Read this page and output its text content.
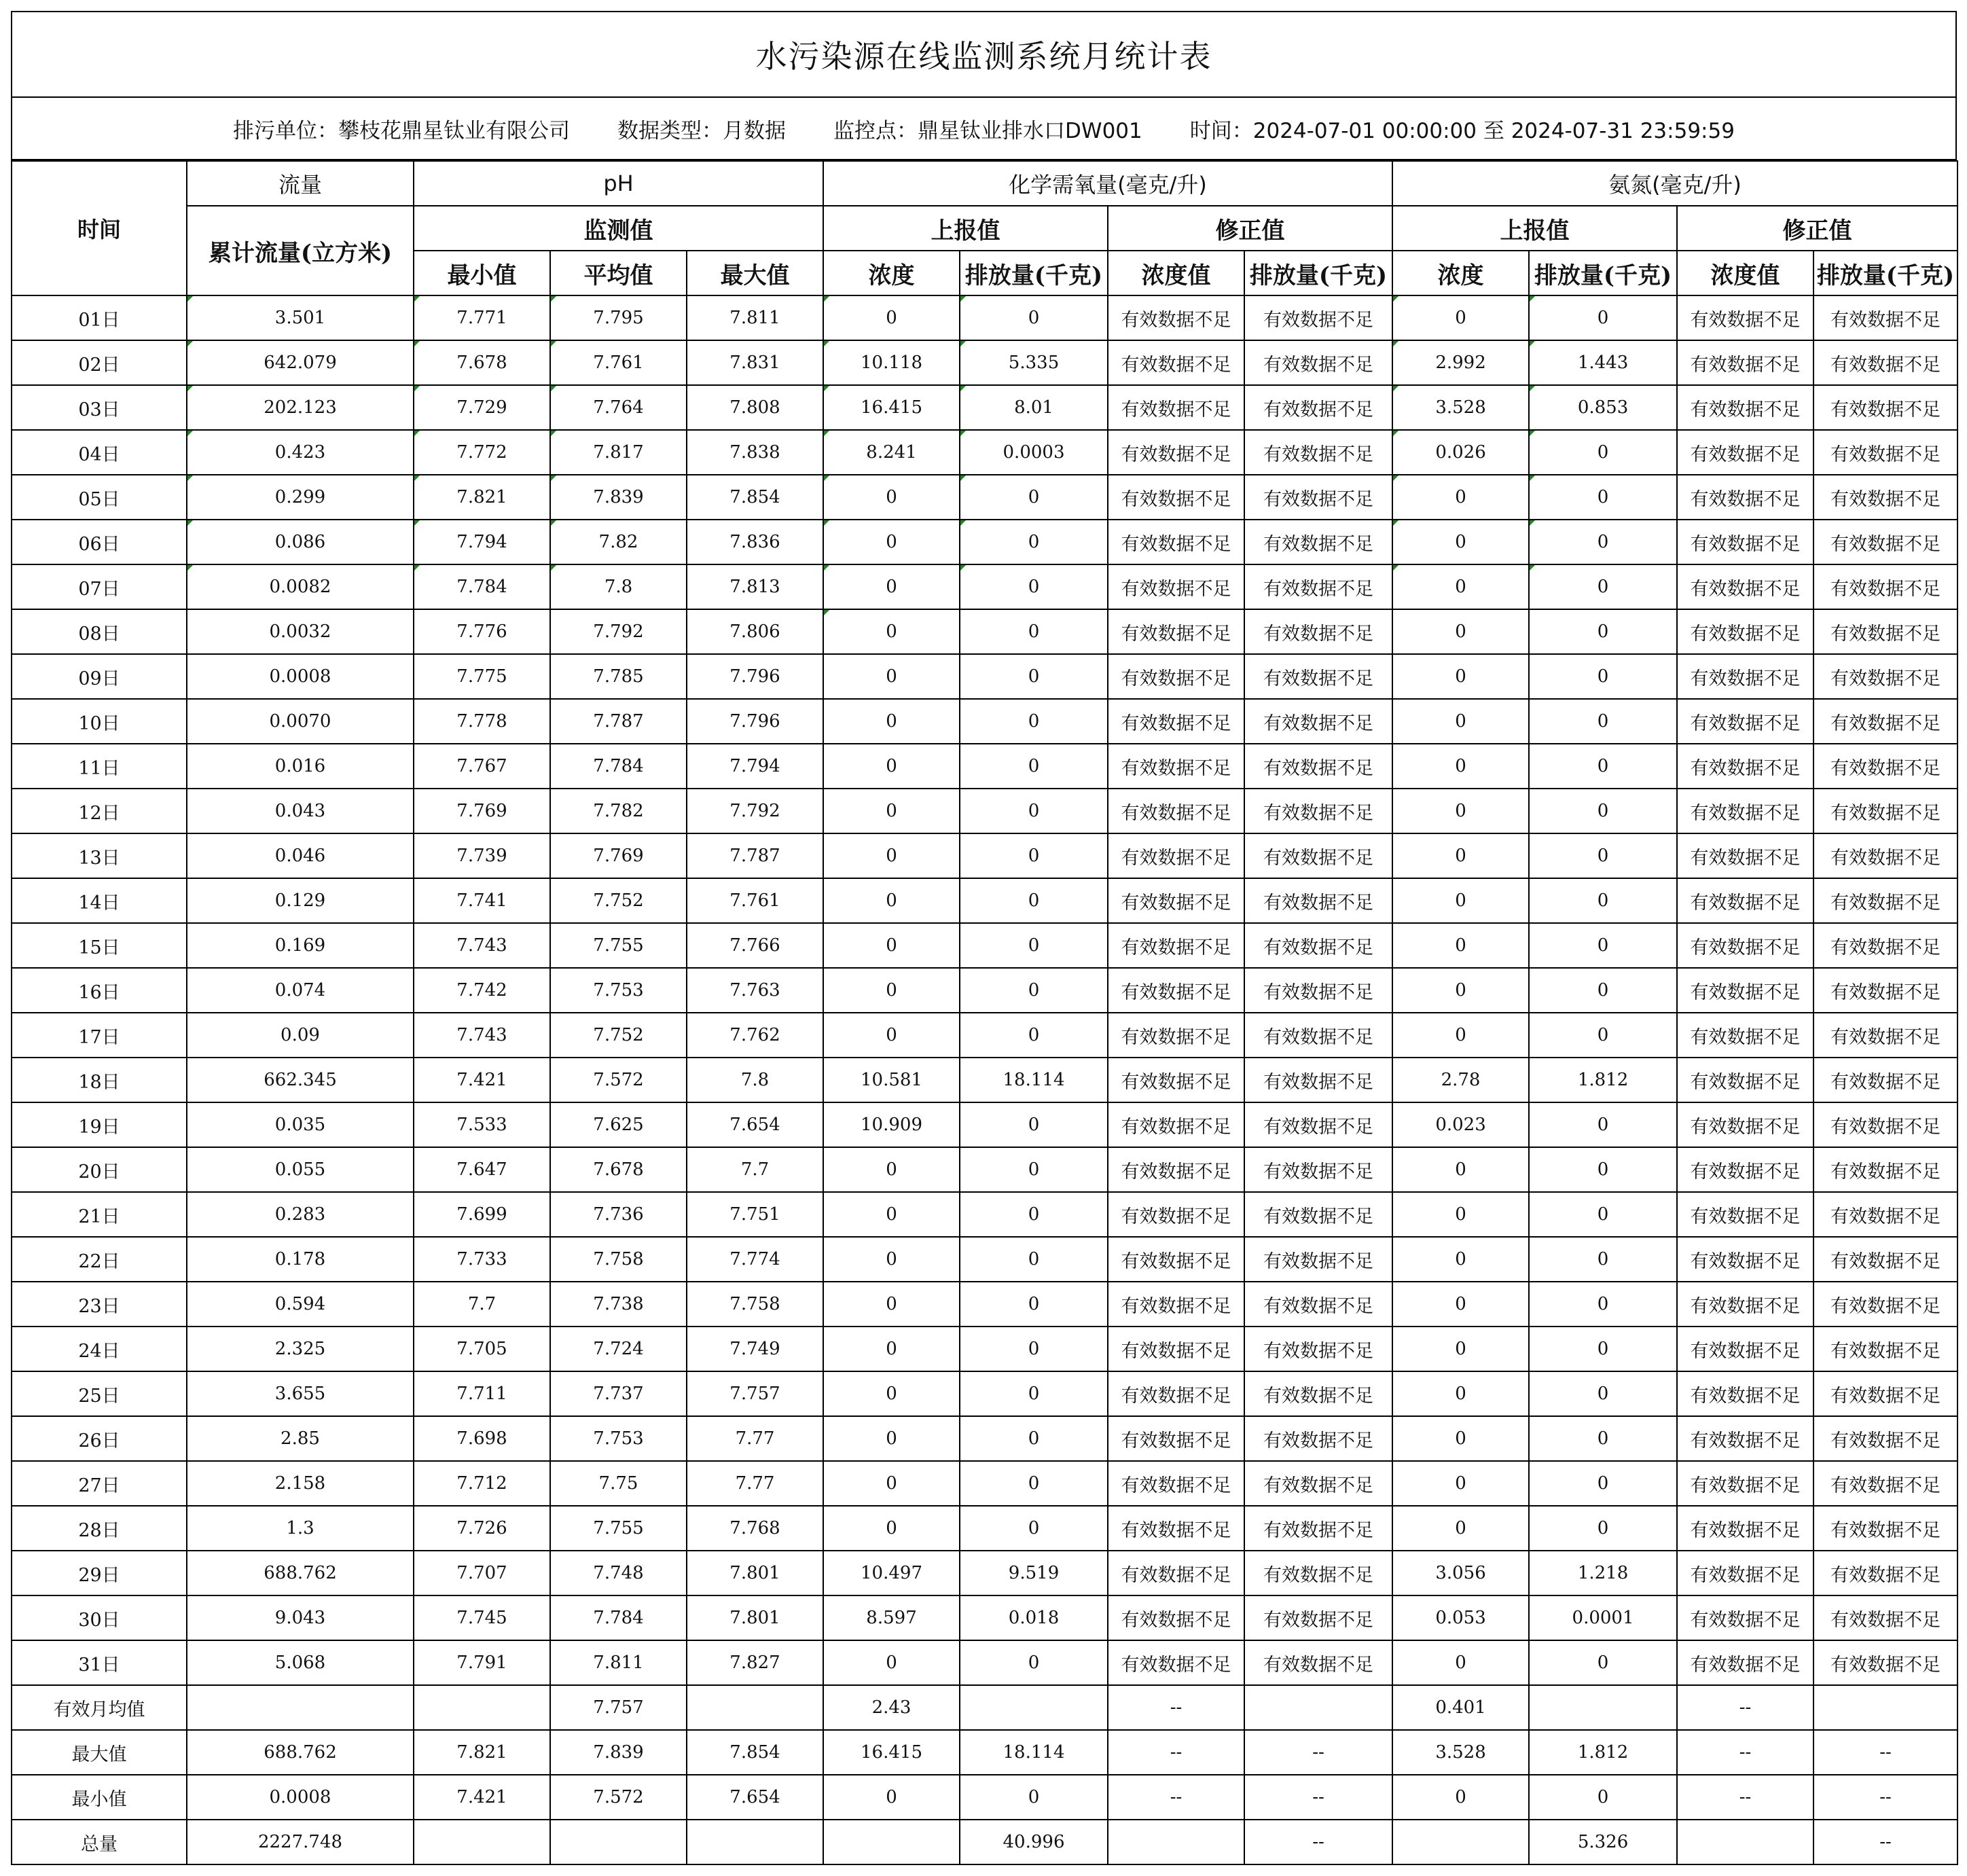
水污染源在线监测系统月统计表
排污单位：攀枝花鼎星钛业有限公司 数据类型：月数据 监控点：鼎星钛业排水口DW001 时间：2024-07-01 00:00:00 至 2024-07-31 23:59:59
时间	流量	pH			化学需氧量(毫克/升)				氨氮(毫克/升)			
	累计流量(立方米)	监测值			上报值		修正值		上报值		修正值	
		最小值	平均值	最大值	浓度	排放量(千克)	浓度值	排放量(千克)	浓度	排放量(千克)	浓度值	排放量(千克)
01日	3.501	7.771	7.795	7.811	0	0	有效数据不足	有效数据不足	0	0	有效数据不足	有效数据不足
02日	642.079	7.678	7.761	7.831	10.118	5.335	有效数据不足	有效数据不足	2.992	1.443	有效数据不足	有效数据不足
03日	202.123	7.729	7.764	7.808	16.415	8.01	有效数据不足	有效数据不足	3.528	0.853	有效数据不足	有效数据不足
04日	0.423	7.772	7.817	7.838	8.241	0.0003	有效数据不足	有效数据不足	0.026	0	有效数据不足	有效数据不足
05日	0.299	7.821	7.839	7.854	0	0	有效数据不足	有效数据不足	0	0	有效数据不足	有效数据不足
06日	0.086	7.794	7.82	7.836	0	0	有效数据不足	有效数据不足	0	0	有效数据不足	有效数据不足
07日	0.0082	7.784	7.8	7.813	0	0	有效数据不足	有效数据不足	0	0	有效数据不足	有效数据不足
08日	0.0032	7.776	7.792	7.806	0	0	有效数据不足	有效数据不足	0	0	有效数据不足	有效数据不足
09日	0.0008	7.775	7.785	7.796	0	0	有效数据不足	有效数据不足	0	0	有效数据不足	有效数据不足
10日	0.0070	7.778	7.787	7.796	0	0	有效数据不足	有效数据不足	0	0	有效数据不足	有效数据不足
11日	0.016	7.767	7.784	7.794	0	0	有效数据不足	有效数据不足	0	0	有效数据不足	有效数据不足
12日	0.043	7.769	7.782	7.792	0	0	有效数据不足	有效数据不足	0	0	有效数据不足	有效数据不足
13日	0.046	7.739	7.769	7.787	0	0	有效数据不足	有效数据不足	0	0	有效数据不足	有效数据不足
14日	0.129	7.741	7.752	7.761	0	0	有效数据不足	有效数据不足	0	0	有效数据不足	有效数据不足
15日	0.169	7.743	7.755	7.766	0	0	有效数据不足	有效数据不足	0	0	有效数据不足	有效数据不足
16日	0.074	7.742	7.753	7.763	0	0	有效数据不足	有效数据不足	0	0	有效数据不足	有效数据不足
17日	0.09	7.743	7.752	7.762	0	0	有效数据不足	有效数据不足	0	0	有效数据不足	有效数据不足
18日	662.345	7.421	7.572	7.8	10.581	18.114	有效数据不足	有效数据不足	2.78	1.812	有效数据不足	有效数据不足
19日	0.035	7.533	7.625	7.654	10.909	0	有效数据不足	有效数据不足	0.023	0	有效数据不足	有效数据不足
20日	0.055	7.647	7.678	7.7	0	0	有效数据不足	有效数据不足	0	0	有效数据不足	有效数据不足
21日	0.283	7.699	7.736	7.751	0	0	有效数据不足	有效数据不足	0	0	有效数据不足	有效数据不足
22日	0.178	7.733	7.758	7.774	0	0	有效数据不足	有效数据不足	0	0	有效数据不足	有效数据不足
23日	0.594	7.7	7.738	7.758	0	0	有效数据不足	有效数据不足	0	0	有效数据不足	有效数据不足
24日	2.325	7.705	7.724	7.749	0	0	有效数据不足	有效数据不足	0	0	有效数据不足	有效数据不足
25日	3.655	7.711	7.737	7.757	0	0	有效数据不足	有效数据不足	0	0	有效数据不足	有效数据不足
26日	2.85	7.698	7.753	7.77	0	0	有效数据不足	有效数据不足	0	0	有效数据不足	有效数据不足
27日	2.158	7.712	7.75	7.77	0	0	有效数据不足	有效数据不足	0	0	有效数据不足	有效数据不足
28日	1.3	7.726	7.755	7.768	0	0	有效数据不足	有效数据不足	0	0	有效数据不足	有效数据不足
29日	688.762	7.707	7.748	7.801	10.497	9.519	有效数据不足	有效数据不足	3.056	1.218	有效数据不足	有效数据不足
30日	9.043	7.745	7.784	7.801	8.597	0.018	有效数据不足	有效数据不足	0.053	0.0001	有效数据不足	有效数据不足
31日	5.068	7.791	7.811	7.827	0	0	有效数据不足	有效数据不足	0	0	有效数据不足	有效数据不足
有效月均值			7.757		2.43		--		0.401		--	
最大值	688.762	7.821	7.839	7.854	16.415	18.114	--	--	3.528	1.812	--	--
最小值	0.0008	7.421	7.572	7.654	0	0	--	--	0	0	--	--
总量	2227.748					40.996		--		5.326		--
